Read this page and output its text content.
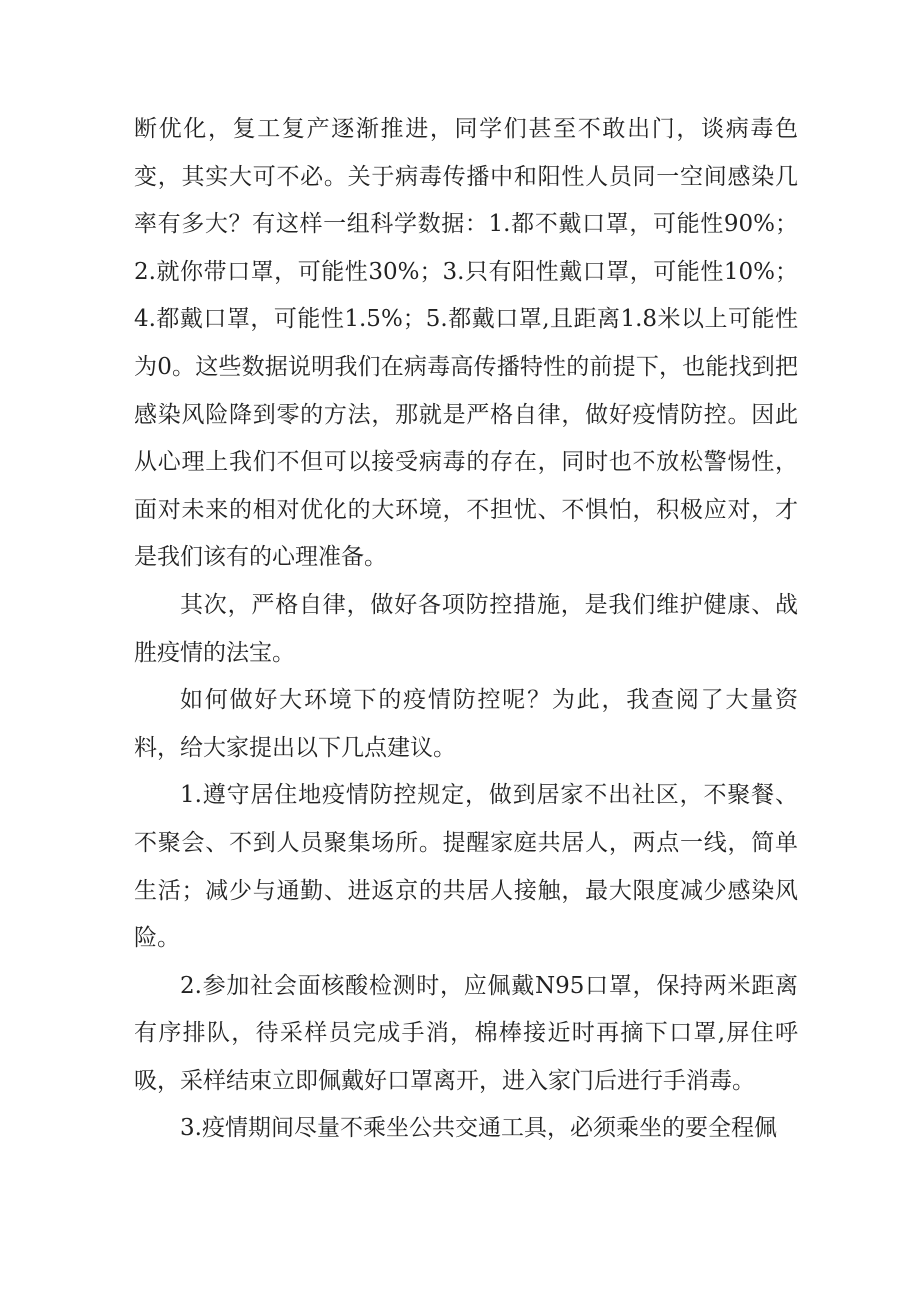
断优化，复工复产逐渐推进，同学们甚至不敢出门，谈病毒色变，其实大可不必。关于病毒传播中和阳性人员同一空间感染几率有多大？有这样一组科学数据：1.都不戴口罩，可能性90%；2.就你带口罩，可能性30%；3.只有阳性戴口罩，可能性10%；4.都戴口罩，可能性1.5%；5.都戴口罩,且距离1.8米以上可能性为0。这些数据说明我们在病毒高传播特性的前提下，也能找到把感染风险降到零的方法，那就是严格自律，做好疫情防控。因此从心理上我们不但可以接受病毒的存在，同时也不放松警惕性，面对未来的相对优化的大环境，不担忧、不惧怕，积极应对，才是我们该有的心理准备。

其次，严格自律，做好各项防控措施，是我们维护健康、战胜疫情的法宝。

如何做好大环境下的疫情防控呢？为此，我查阅了大量资料，给大家提出以下几点建议。

1.遵守居住地疫情防控规定，做到居家不出社区，不聚餐、不聚会、不到人员聚集场所。提醒家庭共居人，两点一线，简单生活；减少与通勤、进返京的共居人接触，最大限度减少感染风险。

2.参加社会面核酸检测时，应佩戴N95口罩，保持两米距离有序排队，待采样员完成手消，棉棒接近时再摘下口罩,屏住呼吸，采样结束立即佩戴好口罩离开，进入家门后进行手消毒。

3.疫情期间尽量不乘坐公共交通工具，必须乘坐的要全程佩
